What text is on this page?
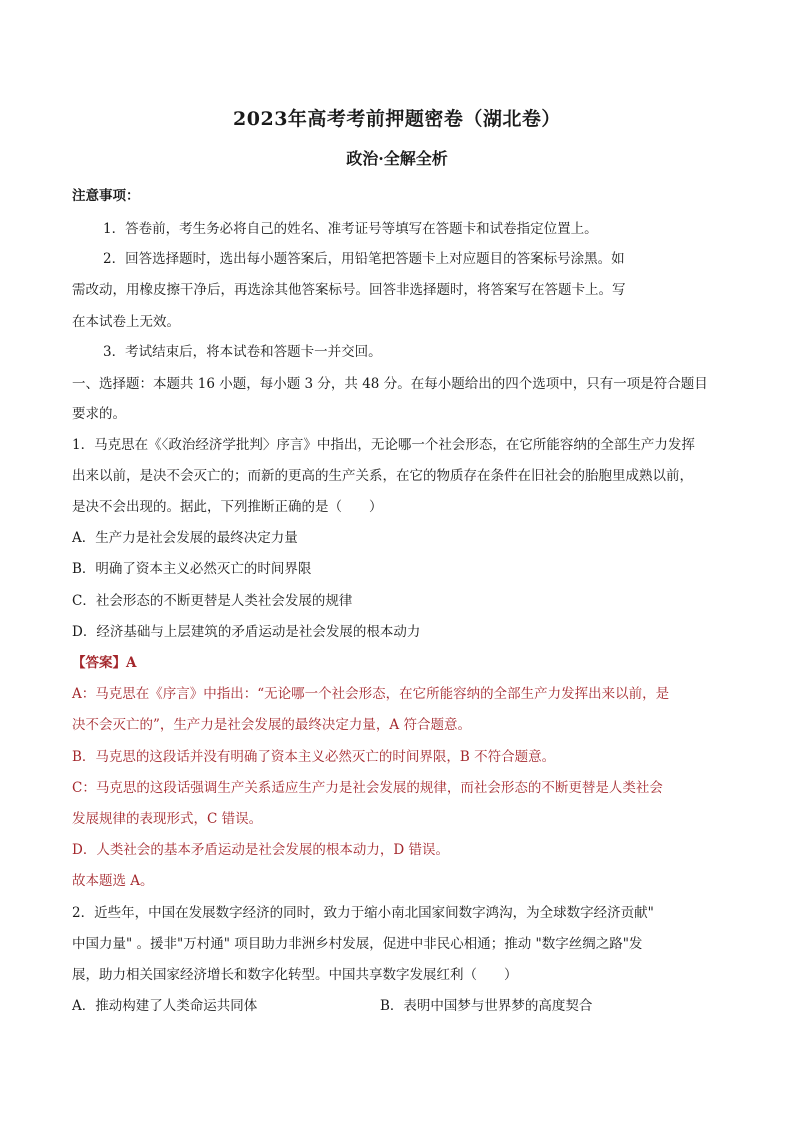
2023年高考考前押题密卷（湖北卷）
政治·全解全析
注意事项：
1．答卷前，考生务必将自己的姓名、准考证号等填写在答题卡和试卷指定位置上。
2．回答选择题时，选出每小题答案后，用铅笔把答题卡上对应题目的答案标号涂黑。如
需改动，用橡皮擦干净后，再选涂其他答案标号。回答非选择题时，将答案写在答题卡上。写
在本试卷上无效。
3．考试结束后，将本试卷和答题卡一并交回。
一、选择题：本题共 16 小题，每小题 3 分，共 48 分。在每小题给出的四个选项中，只有一项是符合题目
要求的。
1．马克思在《〈政治经济学批判〉序言》中指出，无论哪一个社会形态，在它所能容纳的全部生产力发挥
出来以前，是决不会灭亡的；而新的更高的生产关系，在它的物质存在条件在旧社会的胎胞里成熟以前，
是决不会出现的。据此，下列推断正确的是（　　）
A．生产力是社会发展的最终决定力量
B．明确了资本主义必然灭亡的时间界限
C．社会形态的不断更替是人类社会发展的规律
D．经济基础与上层建筑的矛盾运动是社会发展的根本动力
【答案】A
A：马克思在《序言》中指出：“无论哪一个社会形态，在它所能容纳的全部生产力发挥出来以前，是
决不会灭亡的”，生产力是社会发展的最终决定力量，A 符合题意。
B．马克思的这段话并没有明确了资本主义必然灭亡的时间界限，B 不符合题意。
C：马克思的这段话强调生产关系适应生产力是社会发展的规律，而社会形态的不断更替是人类社会
发展规律的表现形式，C 错误。
D．人类社会的基本矛盾运动是社会发展的根本动力，D 错误。
故本题选 A。
2．近些年，中国在发展数字经济的同时，致力于缩小南北国家间数字鸿沟，为全球数字经济贡献"
中国力量" 。援非"万村通" 项目助力非洲乡村发展，促进中非民心相通；推动 "数字丝绸之路"发
展，助力相关国家经济增长和数字化转型。中国共享数字发展红利（　　）
A．推动构建了人类命运共同体	B．表明中国梦与世界梦的高度契合
